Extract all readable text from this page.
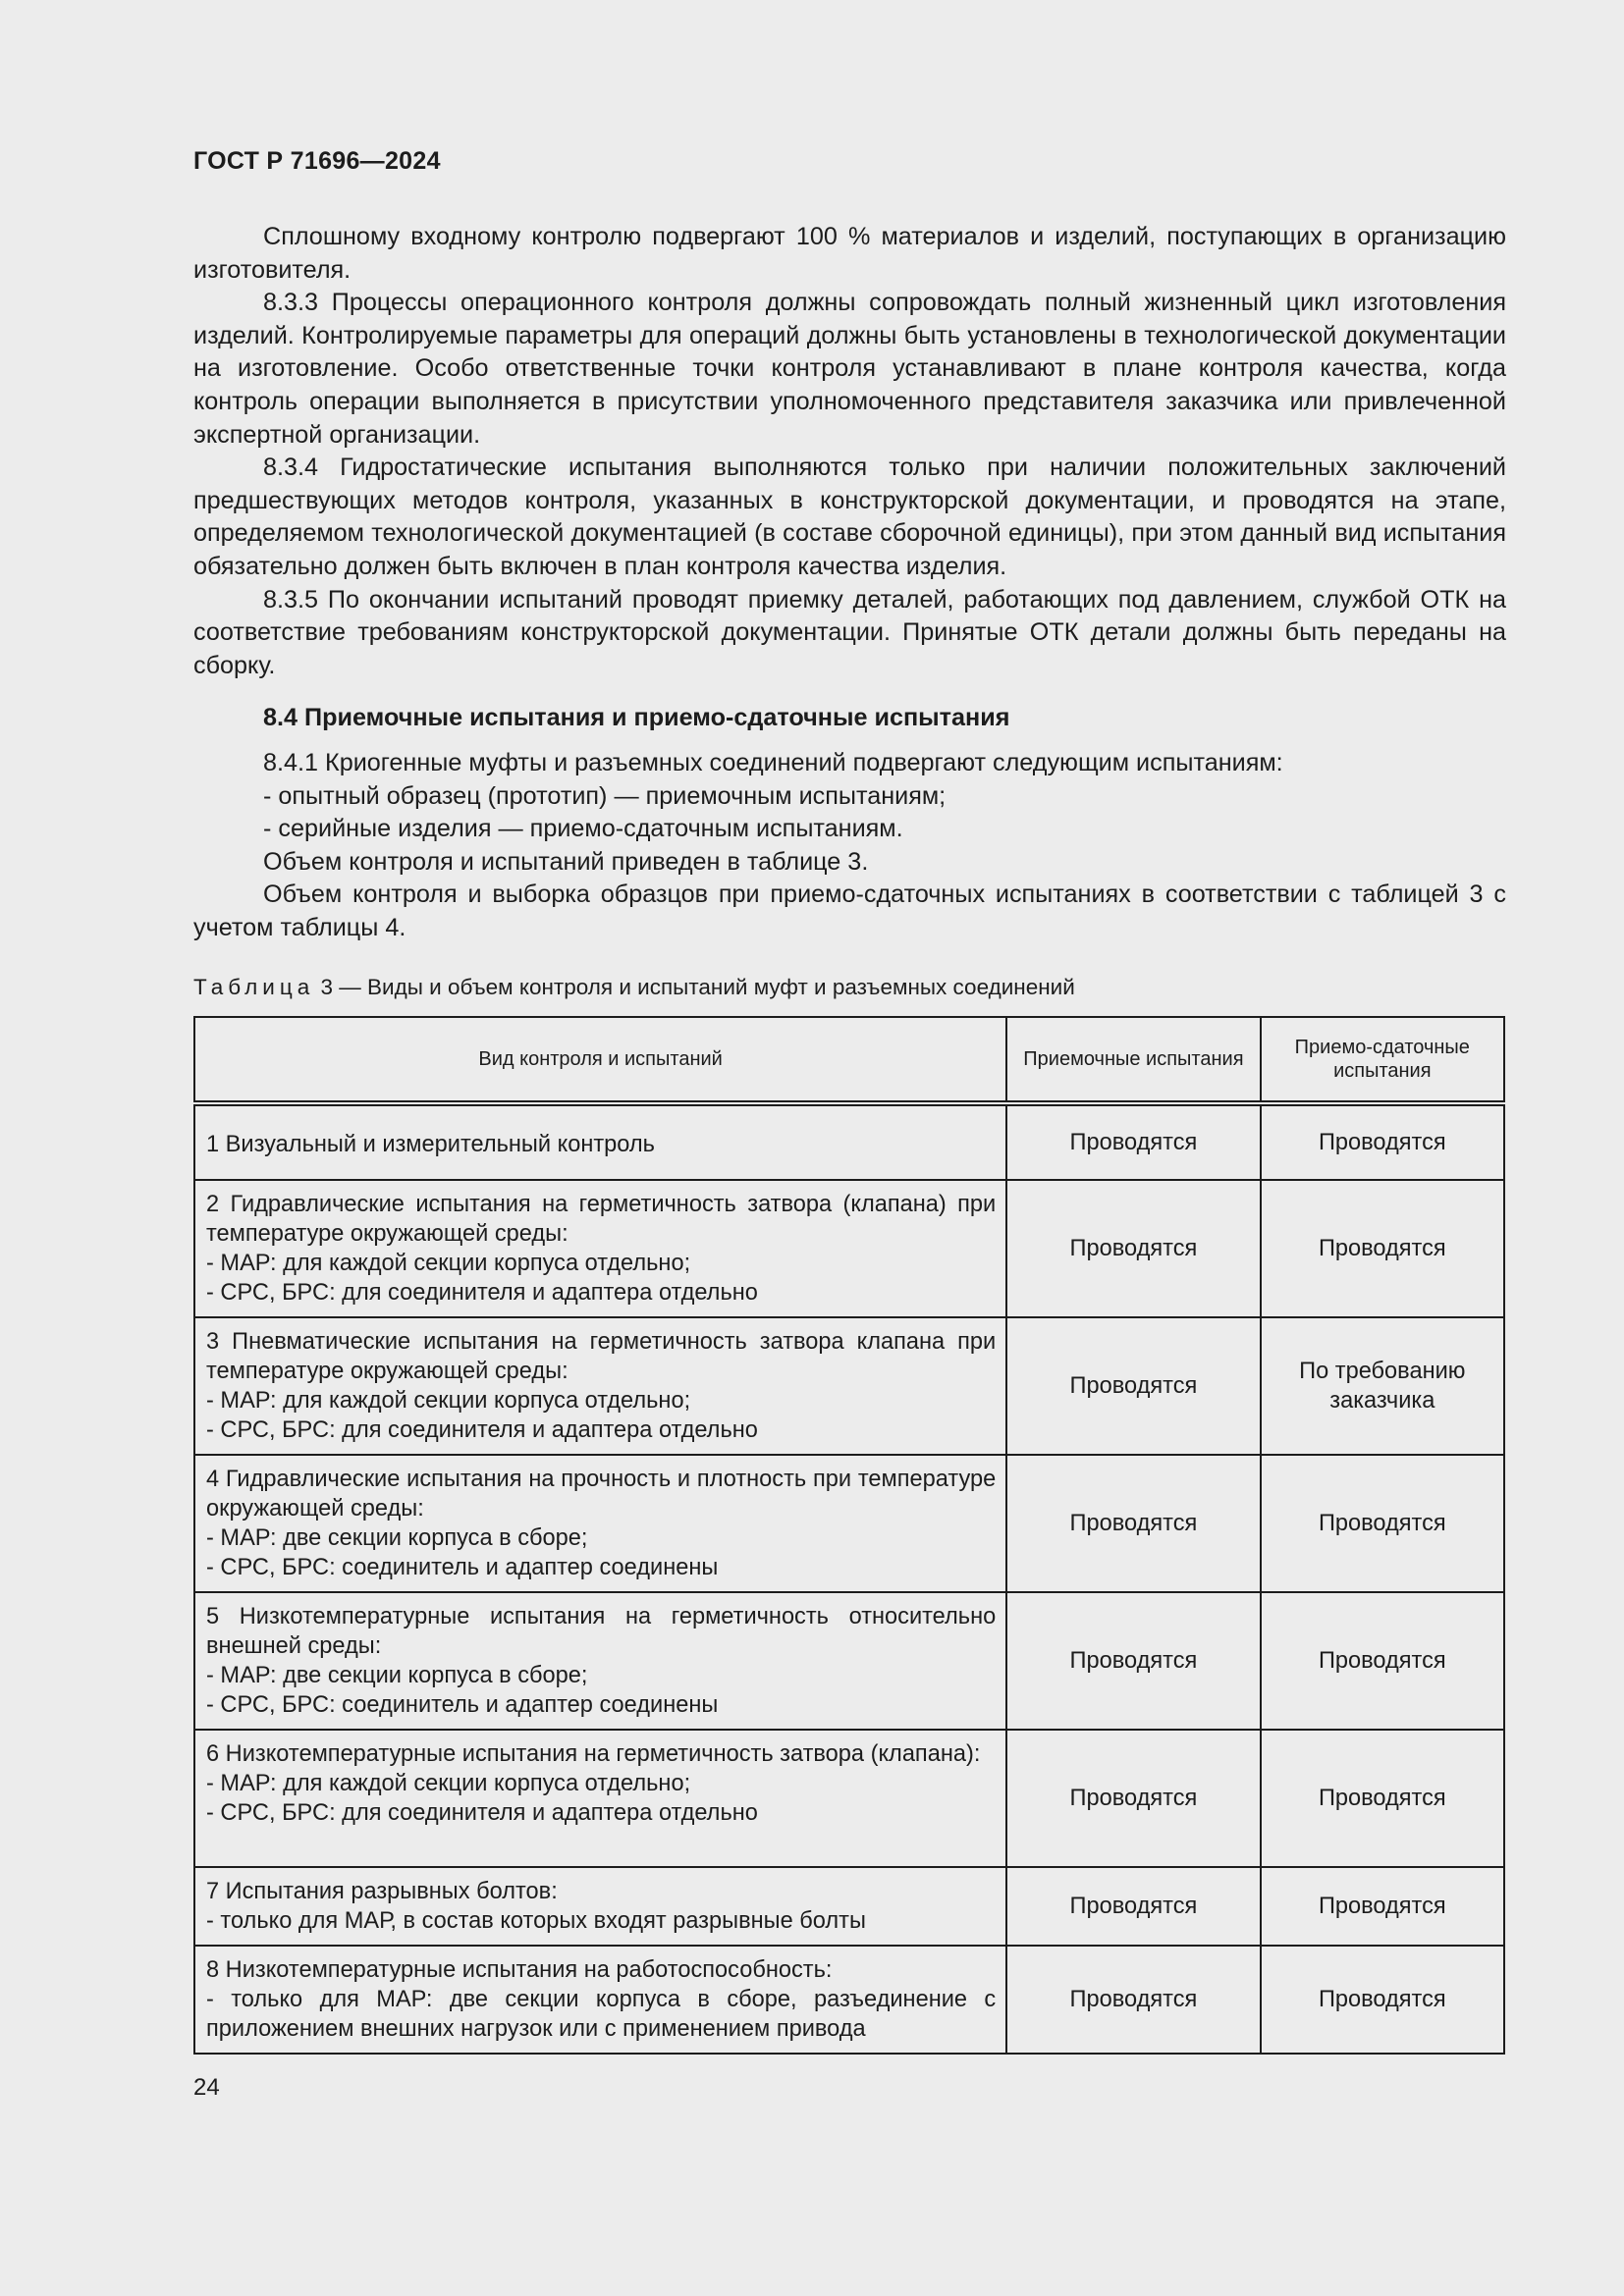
ГОСТ Р 71696—2024

Сплошному входному контролю подвергают 100 % материалов и изделий, поступающих в организацию изготовителя.

8.3.3 Процессы операционного контроля должны сопровождать полный жизненный цикл изготовления изделий. Контролируемые параметры для операций должны быть установлены в технологической документации на изготовление. Особо ответственные точки контроля устанавливают в плане контроля качества, когда контроль операции выполняется в присутствии уполномоченного представителя заказчика или привлеченной экспертной организации.

8.3.4 Гидростатические испытания выполняются только при наличии положительных заключений предшествующих методов контроля, указанных в конструкторской документации, и проводятся на этапе, определяемом технологической документацией (в составе сборочной единицы), при этом данный вид испытания обязательно должен быть включен в план контроля качества изделия.

8.3.5 По окончании испытаний проводят приемку деталей, работающих под давлением, службой ОТК на соответствие требованиям конструкторской документации. Принятые ОТК детали должны быть переданы на сборку.

8.4 Приемочные испытания и приемо-сдаточные испытания

8.4.1 Криогенные муфты и разъемных соединений подвергают следующим испытаниям:

- опытный образец (прототип) — приемочным испытаниям;

- серийные изделия — приемо-сдаточным испытаниям.

Объем контроля и испытаний приведен в таблице 3.

Объем контроля и выборка образцов при приемо-сдаточных испытаниях в соответствии с таблицей 3 с учетом таблицы 4.

Таблица 3 — Виды и объем контроля и испытаний муфт и разъемных соединений
Вид контроля и испытаний	Приемочные испытания	Приемо-сдаточные испытания

1 Визуальный и измерительный контроль	Проводятся	Проводятся

2 Гидравлические испытания на герметичность затвора (клапана) при температуре окружающей среды:
- МАР: для каждой секции корпуса отдельно;
- СРС, БРС: для соединителя и адаптера отдельно	Проводятся	Проводятся

3 Пневматические испытания на герметичность затвора клапана при температуре окружающей среды:
- МАР: для каждой секции корпуса отдельно;
- СРС, БРС: для соединителя и адаптера отдельно	Проводятся	По требованию заказчика

4 Гидравлические испытания на прочность и плотность при температуре окружающей среды:
- МАР: две секции корпуса в сборе;
- СРС, БРС: соединитель и адаптер соединены	Проводятся	Проводятся

5 Низкотемпературные испытания на герметичность относительно внешней среды:
- МАР: две секции корпуса в сборе;
- СРС, БРС: соединитель и адаптер соединены	Проводятся	Проводятся

6 Низкотемпературные испытания на герметичность затвора (клапана):
- МАР: для каждой секции корпуса отдельно;
- СРС, БРС: для соединителя и адаптера отдельно	Проводятся	Проводятся

7 Испытания разрывных болтов:
- только для МАР, в состав которых входят разрывные болты	Проводятся	Проводятся

8 Низкотемпературные испытания на работоспособность:
- только для МАР: две секции корпуса в сборе, разъединение с приложением внешних нагрузок или с применением привода	Проводятся	Проводятся
24
